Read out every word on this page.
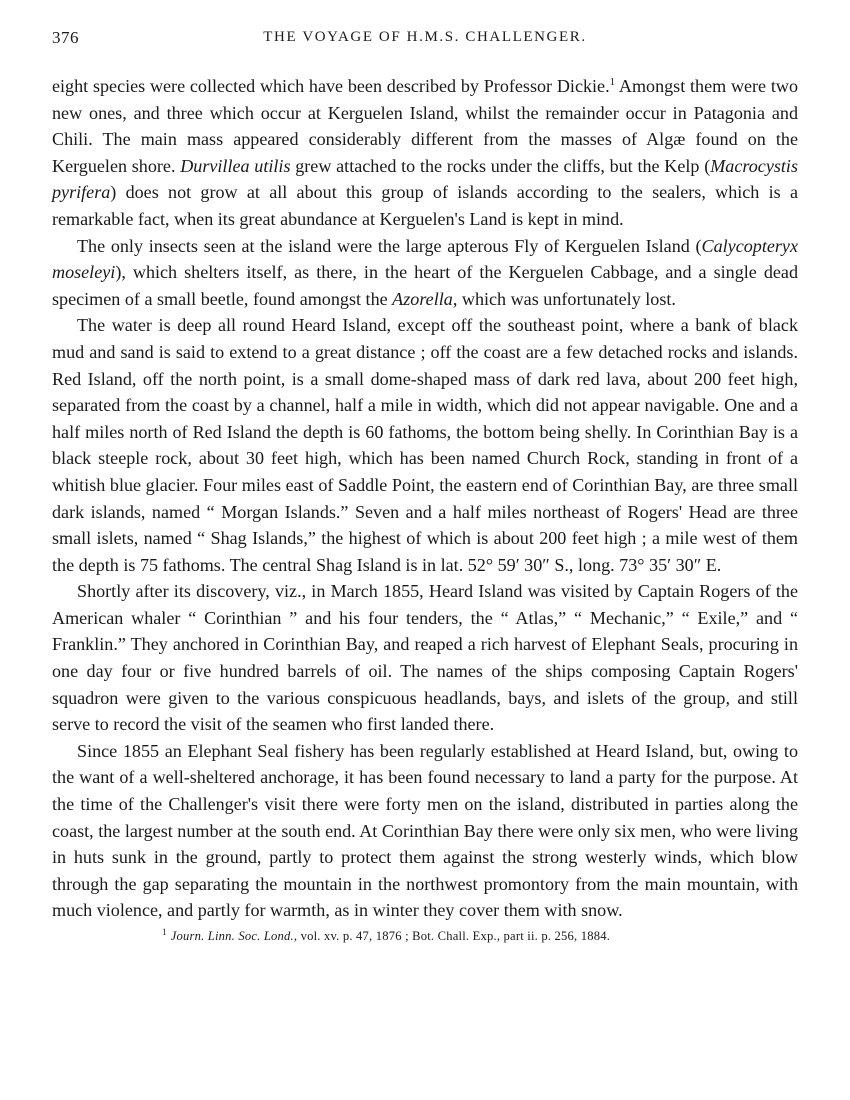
376	THE VOYAGE OF H.M.S. CHALLENGER.

eight species were collected which have been described by Professor Dickie.$^1$ Amongst them were two new ones, and three which occur at Kerguelen Island, whilst the remainder occur in Patagonia and Chili. The main mass appeared considerably different from the masses of Algæ found on the Kerguelen shore. Durvillea utilis grew attached to the rocks under the cliffs, but the Kelp (Macrocystis pyrifera) does not grow at all about this group of islands according to the sealers, which is a remarkable fact, when its great abundance at Kerguelen's Land is kept in mind.

The only insects seen at the island were the large apterous Fly of Kerguelen Island (Calycopteryx moseleyi), which shelters itself, as there, in the heart of the Kerguelen Cabbage, and a single dead specimen of a small beetle, found amongst the Azorella, which was unfortunately lost.

The water is deep all round Heard Island, except off the southeast point, where a bank of black mud and sand is said to extend to a great distance ; off the coast are a few detached rocks and islands. Red Island, off the north point, is a small dome-shaped mass of dark red lava, about 200 feet high, separated from the coast by a channel, half a mile in width, which did not appear navigable. One and a half miles north of Red Island the depth is 60 fathoms, the bottom being shelly. In Corinthian Bay is a black steeple rock, about 30 feet high, which has been named Church Rock, standing in front of a whitish blue glacier. Four miles east of Saddle Point, the eastern end of Corinthian Bay, are three small dark islands, named “ Morgan Islands.” Seven and a half miles northeast of Rogers' Head are three small islets, named “ Shag Islands,” the highest of which is about 200 feet high ; a mile west of them the depth is 75 fathoms. The central Shag Island is in lat. 52° 59′ 30″ S., long. 73° 35′ 30″ E.

Shortly after its discovery, viz., in March 1855, Heard Island was visited by Captain Rogers of the American whaler “ Corinthian ” and his four tenders, the “ Atlas,” “ Mechanic,” “ Exile,” and “ Franklin.” They anchored in Corinthian Bay, and reaped a rich harvest of Elephant Seals, procuring in one day four or five hundred barrels of oil. The names of the ships composing Captain Rogers' squadron were given to the various conspicuous headlands, bays, and islets of the group, and still serve to record the visit of the seamen who first landed there.

Since 1855 an Elephant Seal fishery has been regularly established at Heard Island, but, owing to the want of a well-sheltered anchorage, it has been found necessary to land a party for the purpose. At the time of the Challenger's visit there were forty men on the island, distributed in parties along the coast, the largest number at the south end. At Corinthian Bay there were only six men, who were living in huts sunk in the ground, partly to protect them against the strong westerly winds, which blow through the gap separating the mountain in the northwest promontory from the main mountain, with much violence, and partly for warmth, as in winter they cover them with snow.

$^1$ Journ. Linn. Soc. Lond., vol. xv. p. 47, 1876 ; Bot. Chall. Exp., part ii. p. 256, 1884.
